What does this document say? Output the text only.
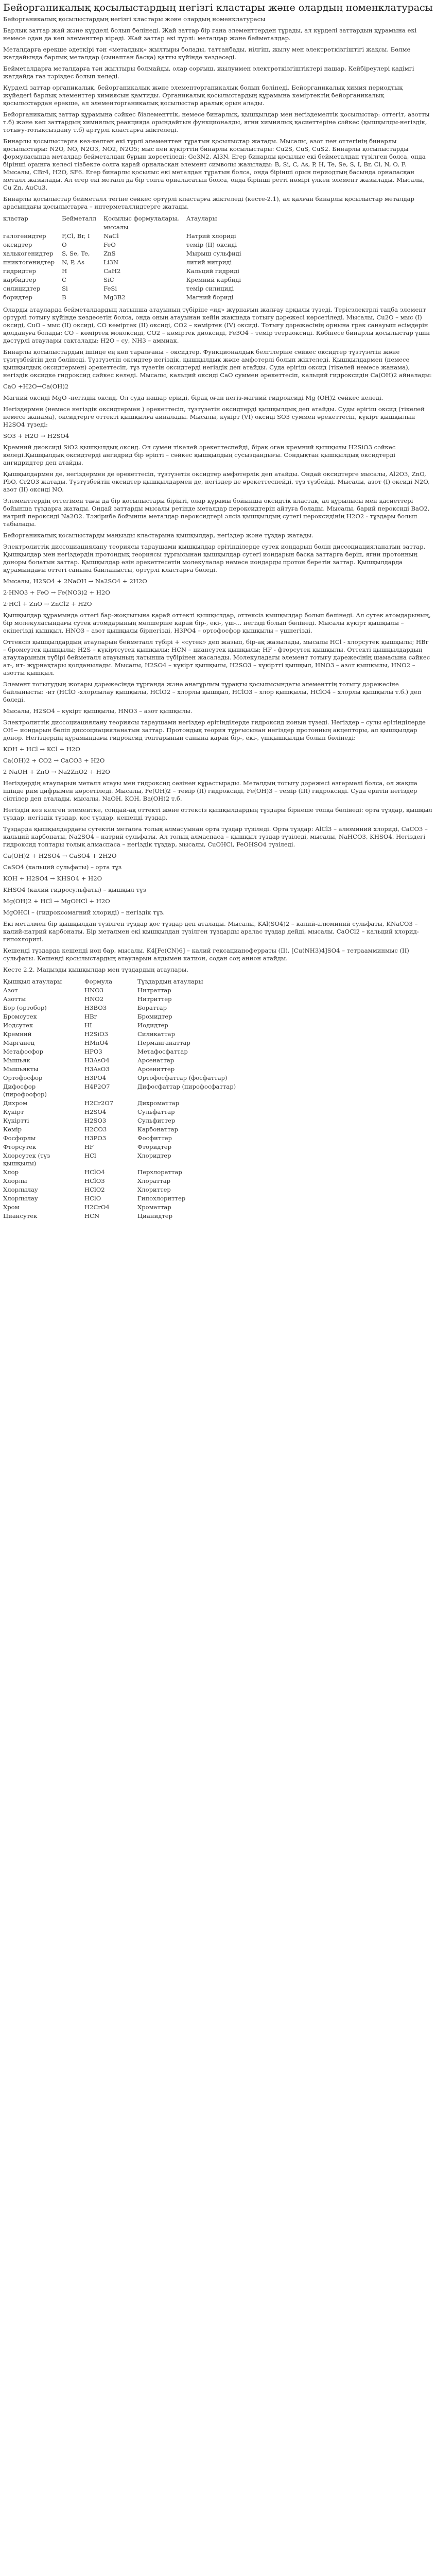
Бейорганикалық қосылыстардың негізгі кластары және олардың номенклатурасы

Бейорганикалық қосылыстардың негізгі кластары және олардың номенклатурасы

Барлық заттар жай және күрделі болып бөлінеді. Жай заттар бір ғана элементтерден тұрады, ал күрделі заттардың құрамына екі немесе одан да көп элементтер кіреді. Жай заттар екі түрлі: металдар және бейметалдар.

Металдарға ерекше әдеткірі тән «металдық» жылтыры болады, таттанбады, иілгіш, жылу мен электрөткізгіштігі жақсы. Бөлме жағдайында барлық металдар (сынаптан басқа) қатты күйінде кездеседі.

Бейметалдарға металдарға тән жылтыры болмайды, олар сорғыш, жылуимен электрөткізгіштіктері нашар. Кейбіреулері қадімгі жағдайда газ тәріздес болып келеді.

Күрделі заттар органикалық, бейорганикалық және элементорганикалық болып бөлінеді. Бейорганикалық химия периодтық жүйедегі барлық элементтер химиясын қамтиды. Органикалық қосылыстардың құрамына көміртектің бейорганикалық қосылыстардан ерекше, ал элементорганикалық қосылыстар аралық орын алады.

Бейорганикалық заттар құрамына сәйкес біэлементтік, немесе бинарлық, қышқылдар мен негіздемелтік қосылыстар: оттегіт, азотты т.б) және көп заттардың химиялық реакцияда орындайтын функционалды, ягни химиялық қасиеттеріне сәйкес (қышқылды-негіздік, тотығу-тотықсыздану т.б) артұрлі кластарға жіктеледі.

Бинарлы қосылыстарға кез-келген екі түрлі элементтен тұратын қосылыстар жатады. Мысалы, азот пен оттегінің бинарлы қосылыстары: N2O, NO, N2O3, NO2, N2O5; мыс пен күкірттің бинарлы қосылыстары: Cu2S, CuS, CuS2. Бинарлы қосылыстарды формуласында металдар бейметалдан бұрын көрсетіледі: Ge3N2, Al3N. Егер бинарлы қосылыс екі бейметалдан түзілген болса, онда бірінші орынға келесі тізбекте солға қарай орналасқан элемент символы жазылады: В, Si, C, As, P, H, Te, Se, S, I, Br, Cl, N, O, F. Мысалы, CBr4, H2O, SF6. Егер бинарлы қосылыс екі металдан тұратын болса, онда бірінші орын периодтың басында орналасқан металл жазылады. Ал егер екі металл да бір топта орналасатын болса, онда бірінші ретті нөмірі үлкен элемент жазылады. Мысалы, Cu Zn, AuCu3.

Бинарлы қосылыстар бейметалл тегіне сәйкес ортүрлі кластарға жіктеледі (кесте-2.1), ал қалған бинарлы қосылыстар металдар арасындағы қосылыстарға – интерметаллидтерге жатады.

кластар	Бейметалл	Қосылыс формулалары,	Атаулары
		мысалы	
галогенидтер	F,Cl, Br, I	NaCl	Натрий хлориді
оксидтер	O	FeO	темір (II) оксиді
халькогенидтер	S, Se, Te,	ZnS	Мырыш сульфиді
пниктогенидтер	N, P, As	Li3N	литий нитриді
гидридтер	H	CaH2	Кальций гидриді
карбидтер	C	SiC	Кремний карбиді
силицидтер	Si	FeSi	темір силициді
боридтер	B	Mg3B2	Магний бориді

Оларды атауларда бейметалдардың латынша атауының түбіріне «ид» жұрнағын жалғау арқылы түзеді. Терісэлектрлі таңба элемент ортүрлі тотығу күйінде кездесетін болса, онда оның атауынан кейін жақшада тотығу дәрежесі көрсетіледі. Мысалы, Cu2O – мыс (I) оксиді, CuO – мыс (II) оксиді, CO көміртек (II) оксиді, CO2 – көміртек (IV) оксиді. Тотығу дәрежесінің орнына грек санауыш есімдерін қолдануға болады: CO – көміртек моноксиді, CO2 – көміртек диоксиді, Fe3O4 – темір тетраоксиді. Көбінесе бинарлы қосылыстар үшін дәстүрлі атаулары сақталады: H2O – су, NH3 – аммиак.

Бинарлы қосылыстардың ішінде ең көп таралғаны – оксидтер. Функционалдық белгілеріне сәйкес оксидтер тұзтүзетін және тұзтүзбейтін деп бөлінеді. Тұзтүзетін оксидтер негіздік, қышқылдық және амфотерлі болып жіктеледі. Қышқылдармен (немесе қышқылдық оксидтермен) әрекеттесіп, тұз түзетін оксидтерді негіздік деп атайды. Суда ерігіш оксид (тікелей немесе жанама), негіздік оксидке гидроксид сәйкес келеді. Мысалы, кальций оксиді CaO суммен әрекеттесіп, кальций гидроксидін Ca(OH)2 айналады:

CaO +H2O→Ca(OH)2

Магний оксиді MgO -негіздік оксид. Ол суда нашар еріиді, бірақ оған негіз-магний гидроксиді Mg (OH)2 сәйкес келеді.

Негіздермен (немесе негіздік оксидтермен ) әрекеттесіп, тұзтүзетін оксидтерді қышқылдық деп атайды. Суды ерігіш оксид (тікелей немесе жанама), оксидтерге оттекті қышқылға айналады. Мысалы, күкірт (VI) оксиді SO3 суммен әрекеттесіп, күкірт қышқылын H2SO4 түзеді:

SO3 + H2O → H2SO4

Кремний диоксиді SiO2 қышқылдық оксид. Ол сумен тікелей әрекеттеспейді, бірақ оған кремний қышқылы H2SiO3 сәйкес келеді.Қышқылдық оксидтерді ангидрид бір әріпті – сәйкес қышқылдың сусыздандығы. Сондықтан қышқылдық оксидтерді ангидридтер деп атайды.

Қышқылдармен де, негіздермен де әрекеттесіп, тұзтүзетін оксидтер амфотерлік деп атайды. Ондай оксидтерге мысалы, Al2O3, ZnO, PbO, Cr2O3 жатады. Тұзтүзбейтін оксидтер қышқылдармен де, негіздер де әрекеттеспейді, тұз түзбейді. Мысалы, азот (I) оксиді N2O, азот (II) оксиді NO.

Элементтердің оттегімен тағы да бір қосылыстары бірікті, олар құрамы бойынша оксидтік кластақ, ал құрылысы мен қасиеттері бойынша тұздарға жатады. Ондай заттарды мысалы ретінде металдар пероксидтерін айтуға болады. Мысалы, барий пероксиді BaO2, натрий пероксиді Na2O2. Тәжірибе бойынша металдар пероксидтері әлсіз қышқылдың сутегі пероксидінің H2O2 - тұздары болып табылады.

Бейорганикалық қосылыстарды маңызды кластарына қышқылдар, негіздер және тұздар жатады.

Электролиттік диссоциациялану теориясы тараушами қышқылдар ерітінділерде сутек иондарын бөліп диссоциацияланатын заттар. Қышқылдар мен негіздердің протондық теориясы тұрғысынан қышқылдар сутегі иондарын басқа заттарға беріп, яғни протонның доноры болатын заттар. Қышқылдар өзін әрекеттесетін молекулалар немесе иондарды протон беретін заттар. Қышқылдарда құрамындағы оттегі санына байланысты, ортүрлі кластарға бөледі.

Мысалы, H2SO4 + 2NaOH → Na2SO4 + 2H2O

2·HNO3 + FeO → Fe(NO3)2 + H2O

2·HCl + ZnO → ZnCl2 + H2O

Қышқылдар құрамында оттегі бар-жоқтығына қарай оттекті қышқылдар, оттексіз қышқылдар болып бөлінеді. Ал сутек атомдарының, бір молекуласындағы сутек атомдарының мөлшеріне қарай бір-, екі-, үш-... негізді болып бөлінеді. Мысалы күкірт қышқылы – екінегізді қышқыл, HNO3 – азот қышқылы бірнегізді, H3PO4 – ортофосфор қышқылы – үшнегізді.

Оттексіз қышқылдардың атауларын бейметалл түбірі + «сутек» деп жазып, бір-ақ жазылады, мысалы HCl - хлорсутек қышқылы; HBr – бромсутек қышқылы; H2S – күкіртсутек қышқылы; HCN – циансутек қышқылы; HF - фторсутек қышқылы. Оттекті қышқылдардың атауларының түбірі бейметалл атауының латынша түбірінен жасалады. Молекуладағы элемент тотығу дәрежесінің шамасына сәйкес ат-, ит- жұрнақтары қолданылады. Мысалы, H2SO4 – күкірт қышқылы, H2SO3 – күкіртті қышқыл, HNO3 – азот қышқылы, HNO2 – азотты қышқыл.

Элемент тотығудың жоғары дәрежесінде тұрғанда және анағұрлым тұрақты қосылысындағы элементтің тотығу дәрежесіне байланысты: -ит (HClO -хлорлылау қышқылы, HClO2 – хлорлы қышқыл, HClO3 – хлор қышқылы, HClO4 – хлорлы қышқылы т.б.) деп бөледі.

Мысалы, H2SO4 – күкірт қышқылы, HNO3 – азот қышқылы.

Электролиттік диссоциациялану теориясы тараушами негіздер ерітінділерде гидроксид ионын түзеді. Негіздер – сулы ерітінділерде OH− иондарын бөліп диссоциацияланатын заттар. Протондық теория тұрғысынан негіздер протонның акцепторы, ал қышқылдар донор. Негіздердің құрамындағы гидроксид топтарының санына қарай бір-, екі-, үшқышқылды болып бөлінеді:

KOH + HCl → KCl + H2O

Ca(OH)2 + CO2 → CaCO3 + H2O

2 NaOH + ZnO → Na2ZnO2 + H2O

Негіздердің атауларын металл атауы мен гидроксид сөзінен құрастырады. Металдың тотығу дәрежесі өзгермелі болса, ол жақша ішінде рим цифрымен көрсетіледі. Мысалы, Fe(OH)2 – темір (II) гидроксиді, Fe(OH)3 – темір (III) гидроксиді. Суда еритін негіздер сілтілер деп аталады, мысалы, NaOH, KOH, Ba(OH)2 т.б.

Негіздің кез келген элементке, сондай-ақ оттекті және оттексіз қышқылдардың тұздары бірнеше топқа бөлінеді: орта тұздар, қышқыл тұздар, негіздік тұздар, қос тұздар, кешенді тұздар.

Тұздарда қышқылдардағы сутектің металға толық алмасуынан орта тұздар түзіледі. Орта тұздар: AlCl3 – алюминий хлориді, CaCO3 – кальций карбонаты, Na2SO4 – натрий сульфаты. Ал толық алмаспаса – қышқыл тұздар түзіледі, мысалы, NaHCO3, KHSO4. Негіздегі гидроксид топтары толық алмаспаса – негіздік тұздар, мысалы, CuOHCl, FeOHSO4 түзіледі.

Ca(OH)2 + H2SO4 → CaSO4 + 2H2O

CaSO4 (кальций сульфаты) – орта тұз

KOH + H2SO4 → KHSO4 + H2O

KHSO4 (калий гидросульфаты) – қышқыл тұз

Mg(OH)2 + HCl → MgOHCl + H2O

MgOHCl – (гидроксомагний хлориді) – негіздік тұз.

Екі металмен бір қышқылдан түзілген тұздар қос тұздар деп аталады. Мысалы, KAl(SO4)2 – калий-алюминий сульфаты, KNaCO3 – калий-натрий карбонаты. Бір металмен екі қышқылдан түзілген тұздарды аралас тұздар дейді, мысалы, CaOCl2 – кальций хлорид-гипохлориті.

Кешенді тұздарда кешенді ион бар, мысалы, K4[Fe(CN)6] – калий гексацианоферраты (II), [Cu(NH3)4]SO4 – тетраамминмыс (II) сульфаты. Кешенді қосылыстардың атауларын алдымен катион, содан соң анион атайды.

Кесте 2.2. Маңызды қышқылдар мен тұздардың атаулары.

Қышқыл атаулары	Формула	Тұздардың атаулары
Азот	HNO3	Нитраттар
Азотты	HNO2	Нитриттер
Бор (ортобор)	H3BO3	Бораттар
Бромсутек	HBr	Бромидтер
Иодсутек	HI	Иодидтер
Кремний	H2SiO3	Силикаттар
Марганец	HMnO4	Перманганаттар
Метафосфор	HPO3	Метафосфаттар
Мышьяк	H3AsO4	Арсенаттар
Мышьякты	H3AsO3	Арсениттер
Ортофосфор	H3PO4	Ортофосфаттар (фосфаттар)
Дифосфор (пирофосфор)	H4P2O7	Дифосфаттар (пирофосфаттар)
Дихром	H2Cr2O7	Дихроматтар
Күкірт	H2SO4	Сульфаттар
Күкіртті	H2SO3	Сульфиттер
Көмір	H2CO3	Карбонаттар
Фосфорлы	H3PO3	Фосфиттер
Фторсутек	HF	Фторидтер
Хлорсутек (тұз қышқылы)	HCl	Хлоридтер
Хлор	HClO4	Перхлораттар
Хлорлы	HClO3	Хлораттар
Хлорлылау	HClO2	Хлориттер
Хлорлылау	HClO	Гипохлориттер
Хром	H2CrO4	Хроматтар
Циансутек	HCN	Цианидтер
